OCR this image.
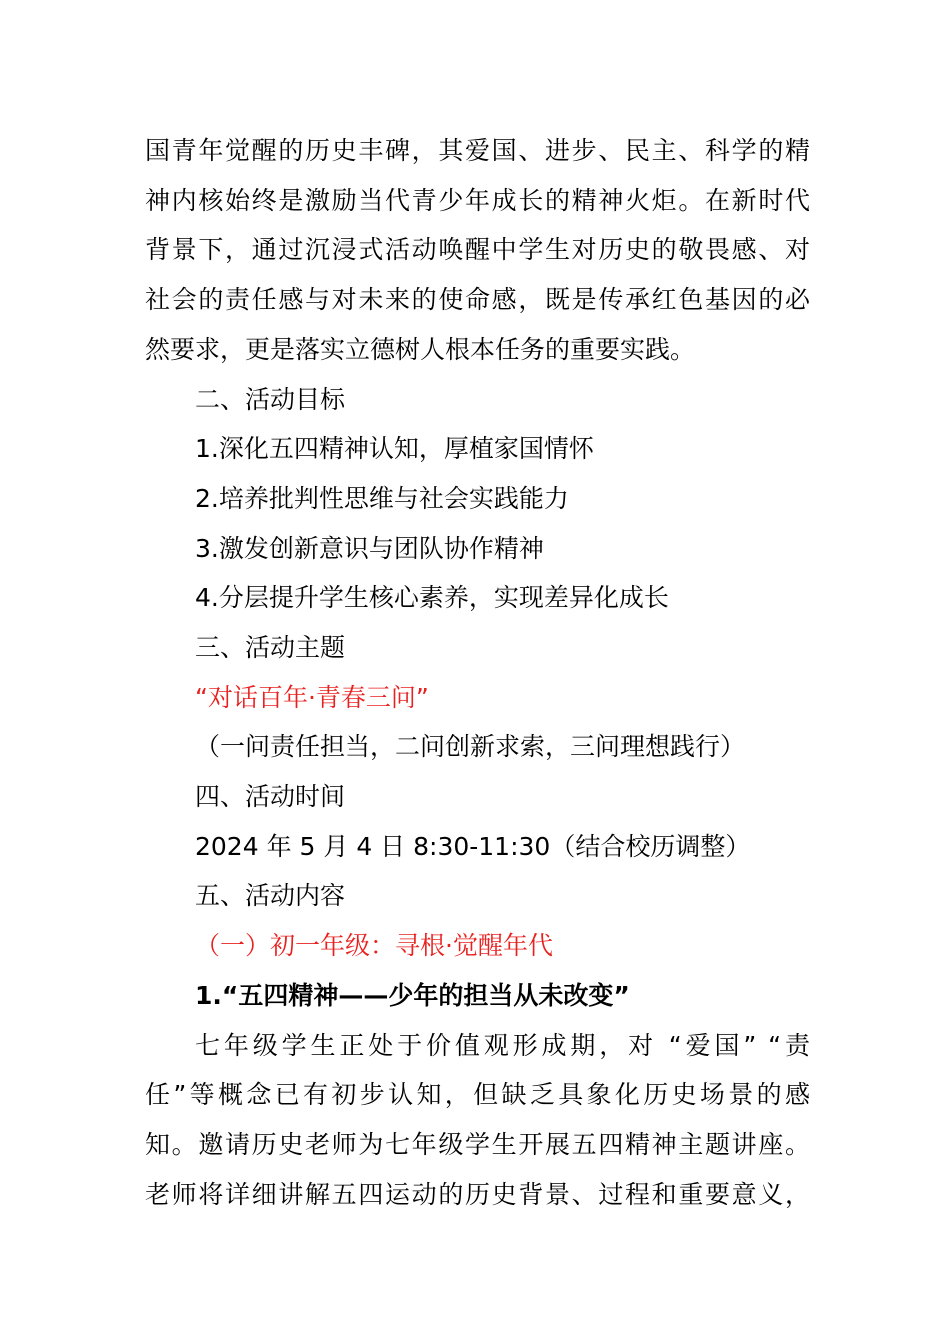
国青年觉醒的历史丰碑，其爱国、进步、民主、科学的精
神内核始终是激励当代青少年成长的精神火炬。在新时代
背景下，通过沉浸式活动唤醒中学生对历史的敬畏感、对
社会的责任感与对未来的使命感，既是传承红色基因的必
然要求，更是落实立德树人根本任务的重要实践。
二、活动目标
1.深化五四精神认知，厚植家国情怀
2.培养批判性思维与社会实践能力
3.激发创新意识与团队协作精神
4.分层提升学生核心素养，实现差异化成长
三、活动主题
“对话百年·青春三问”
（一问责任担当，二问创新求索，三问理想践行）
四、活动时间
2024 年 5 月 4 日 8:30-11:30（结合校历调整）
五、活动内容
（一）初一年级：寻根·觉醒年代
1.“五四精神——少年的担当从未改变”
七年级学生正处于价值观形成期，对 “爱国” “责
任”等概念已有初步认知，但缺乏具象化历史场景的感
知。邀请历史老师为七年级学生开展五四精神主题讲座。
老师将详细讲解五四运动的历史背景、过程和重要意义，
